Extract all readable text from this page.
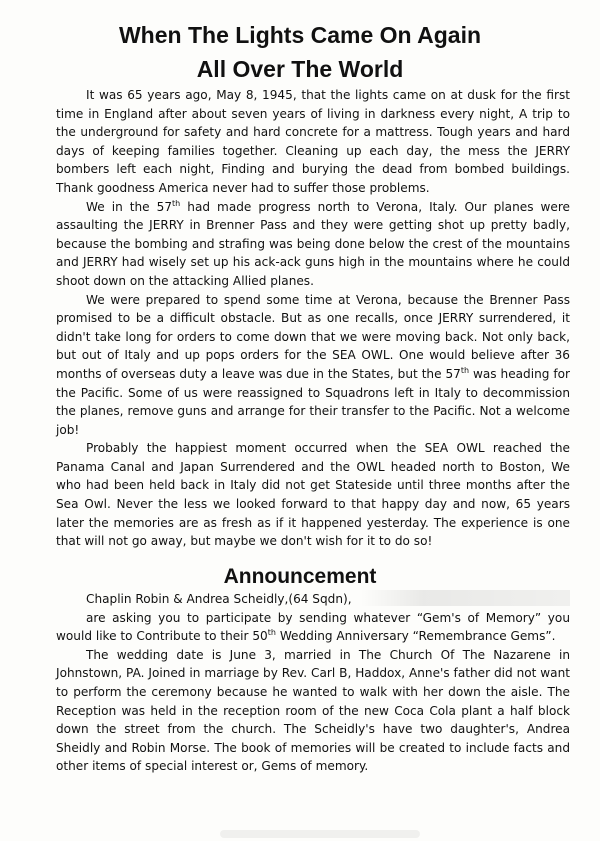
When The Lights Came On Again
All Over The World

It was 65 years ago, May 8, 1945, that the lights came on at dusk for the first time in England after about seven years of living in darkness every night, A trip to the underground for safety and hard concrete for a mattress. Tough years and hard days of keeping families together. Cleaning up each day, the mess the JERRY bombers left each night, Finding and burying the dead from bombed buildings. Thank goodness America never had to suffer those problems.

We in the 57th had made progress north to Verona, Italy. Our planes were assaulting the JERRY in Brenner Pass and they were getting shot up pretty badly, because the bombing and strafing was being done below the crest of the mountains and JERRY had wisely set up his ack-ack guns high in the mountains where he could shoot down on the attacking Allied planes.

We were prepared to spend some time at Verona, because the Brenner Pass promised to be a difficult obstacle. But as one recalls, once JERRY surrendered, it didn't take long for orders to come down that we were moving back. Not only back, but out of Italy and up pops orders for the SEA OWL. One would believe after 36 months of overseas duty a leave was due in the States, but the 57th was heading for the Pacific. Some of us were reassigned to Squadrons left in Italy to decommission the planes, remove guns and arrange for their transfer to the Pacific. Not a welcome job!

Probably the happiest moment occurred when the SEA OWL reached the Panama Canal and Japan Surrendered and the OWL headed north to Boston, We who had been held back in Italy did not get Stateside until three months after the Sea Owl. Never the less we looked forward to that happy day and now, 65 years later the memories are as fresh as if it happened yesterday. The experience is one that will not go away, but maybe we don't wish for it to do so!

Announcement

Chaplin Robin & Andrea Scheidly,(64 Sqdn),

are asking you to participate by sending whatever “Gem's of Memory” you would like to Contribute to their 50th Wedding Anniversary “Remembrance Gems”.

The wedding date is June 3, married in The Church Of The Nazarene in Johnstown, PA. Joined in marriage by Rev. Carl B, Haddox, Anne's father did not want to perform the ceremony because he wanted to walk with her down the aisle. The Reception was held in the reception room of the new Coca Cola plant a half block down the street from the church. The Scheidly's have two daughter's, Andrea Sheidly and Robin Morse. The book of memories will be created to include facts and other items of special interest or, Gems of memory.
